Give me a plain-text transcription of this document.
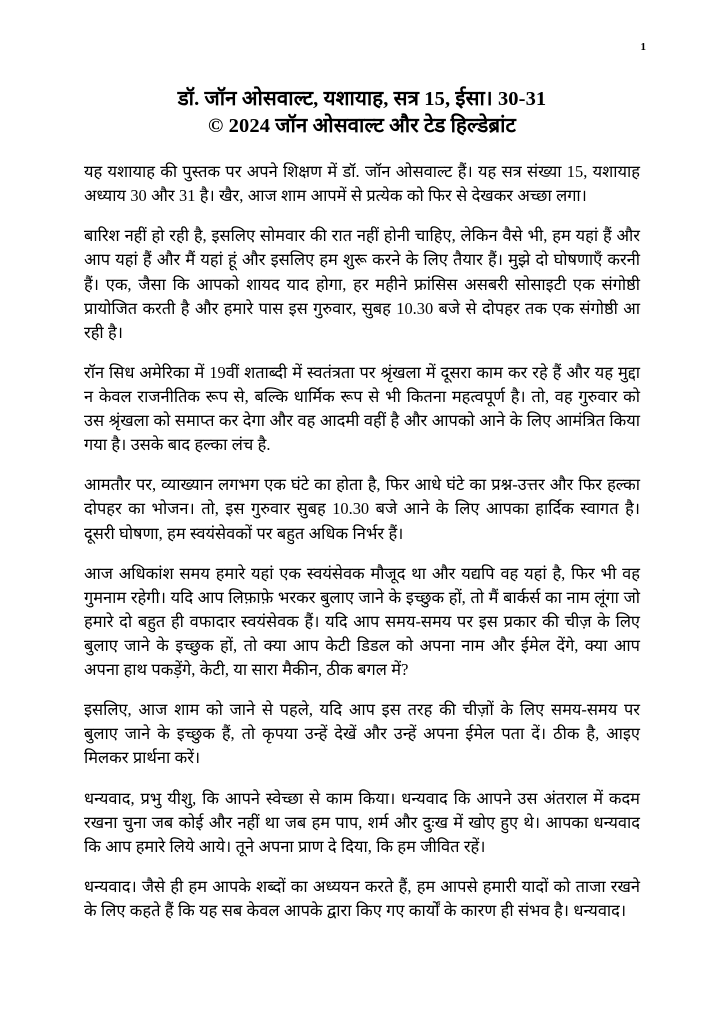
1
डॉ. जॉन ओसवाल्ट, यशायाह, सत्र 15, ईसा। 30-31
© 2024 जॉन ओसवाल्ट और टेड हिल्डेब्रांट

यह यशायाह की पुस्तक पर अपने शिक्षण में डॉ. जॉन ओसवाल्ट हैं। यह सत्र संख्या 15, यशायाह अध्याय 30 और 31 है। खैर, आज शाम आपमें से प्रत्येक को फिर से देखकर अच्छा लगा।

बारिश नहीं हो रही है, इसलिए सोमवार की रात नहीं होनी चाहिए, लेकिन वैसे भी, हम यहां हैं और आप यहां हैं और मैं यहां हूं और इसलिए हम शुरू करने के लिए तैयार हैं। मुझे दो घोषणाएँ करनी हैं। एक, जैसा कि आपको शायद याद होगा, हर महीने फ्रांसिस असबरी सोसाइटी एक संगोष्ठी प्रायोजित करती है और हमारे पास इस गुरुवार, सुबह 10.30 बजे से दोपहर तक एक संगोष्ठी आ रही है।

रॉन सिध अमेरिका में 19वीं शताब्दी में स्वतंत्रता पर श्रृंखला में दूसरा काम कर रहे हैं और यह मुद्दा न केवल राजनीतिक रूप से, बल्कि धार्मिक रूप से भी कितना महत्वपूर्ण है। तो, वह गुरुवार को उस श्रृंखला को समाप्त कर देगा और वह आदमी वहीं है और आपको आने के लिए आमंत्रित किया गया है। उसके बाद हल्का लंच है.

आमतौर पर, व्याख्यान लगभग एक घंटे का होता है, फिर आधे घंटे का प्रश्न-उत्तर और फिर हल्का दोपहर का भोजन। तो, इस गुरुवार सुबह 10.30 बजे आने के लिए आपका हार्दिक स्वागत है। दूसरी घोषणा, हम स्वयंसेवकों पर बहुत अधिक निर्भर हैं।

आज अधिकांश समय हमारे यहां एक स्वयंसेवक मौजूद था और यद्यपि वह यहां है, फिर भी वह गुमनाम रहेगी। यदि आप लिफ़ाफ़े भरकर बुलाए जाने के इच्छुक हों, तो मैं बार्कर्स का नाम लूंगा जो हमारे दो बहुत ही वफादार स्वयंसेवक हैं। यदि आप समय-समय पर इस प्रकार की चीज़ के लिए बुलाए जाने के इच्छुक हों, तो क्या आप केटी डिडल को अपना नाम और ईमेल देंगे, क्या आप अपना हाथ पकड़ेंगे, केटी, या सारा मैकीन, ठीक बगल में?

इसलिए, आज शाम को जाने से पहले, यदि आप इस तरह की चीज़ों के लिए समय-समय पर बुलाए जाने के इच्छुक हैं, तो कृपया उन्हें देखें और उन्हें अपना ईमेल पता दें। ठीक है, आइए मिलकर प्रार्थना करें।

धन्यवाद, प्रभु यीशु, कि आपने स्वेच्छा से काम किया। धन्यवाद कि आपने उस अंतराल में कदम रखना चुना जब कोई और नहीं था जब हम पाप, शर्म और दुःख में खोए हुए थे। आपका धन्यवाद कि आप हमारे लिये आये। तूने अपना प्राण दे दिया, कि हम जीवित रहें।

धन्यवाद। जैसे ही हम आपके शब्दों का अध्ययन करते हैं, हम आपसे हमारी यादों को ताजा रखने के लिए कहते हैं कि यह सब केवल आपके द्वारा किए गए कार्यों के कारण ही संभव है। धन्यवाद।
